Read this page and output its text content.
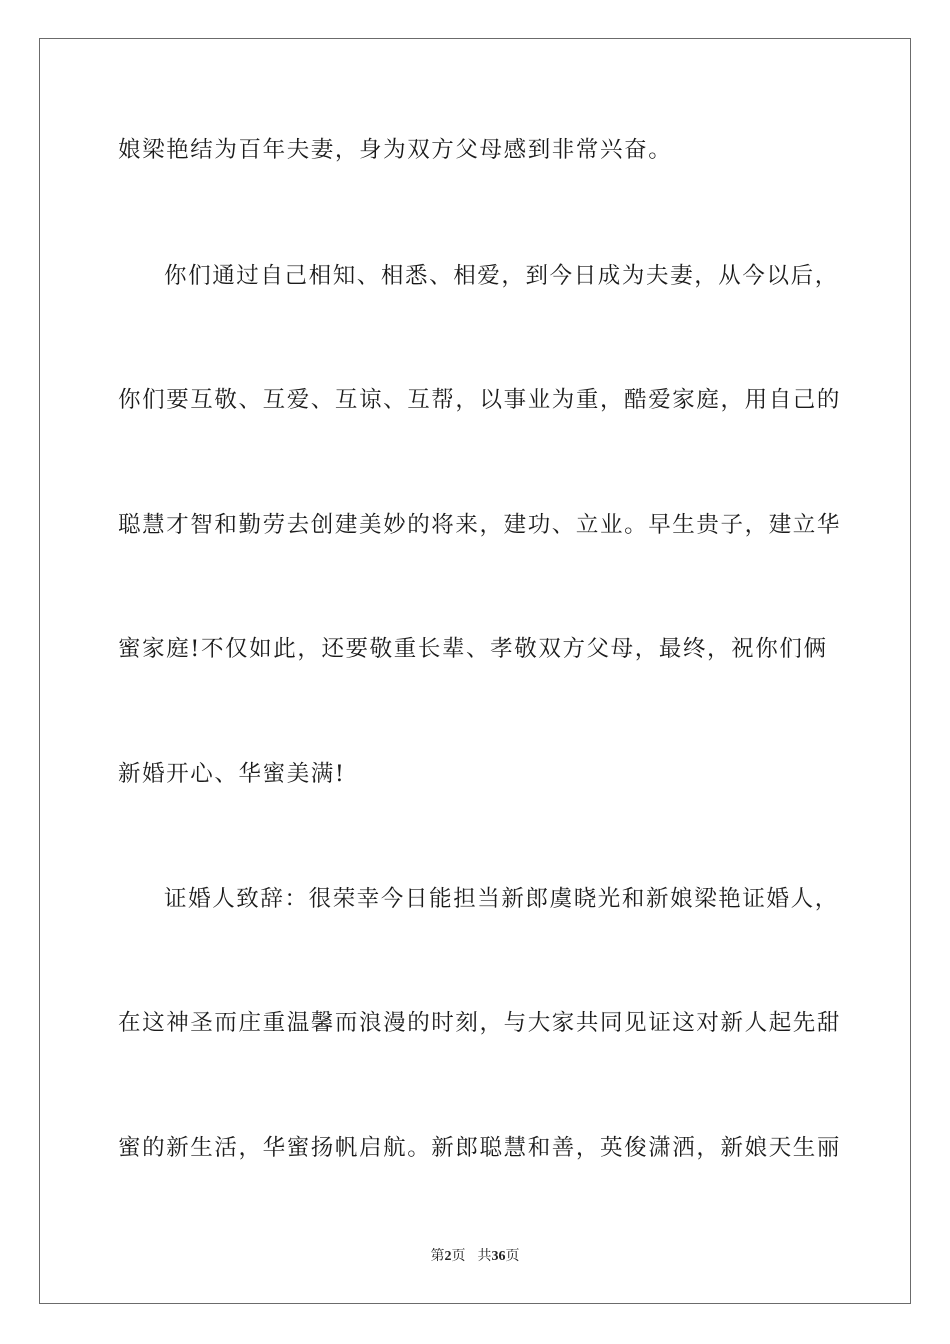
娘梁艳结为百年夫妻，身为双方父母感到非常兴奋。
你们通过自己相知、相悉、相爱，到今日成为夫妻，从今以后，
你们要互敬、互爱、互谅、互帮，以事业为重，酷爱家庭，用自己的
聪慧才智和勤劳去创建美妙的将来，建功、立业。早生贵子，建立华
蜜家庭!不仅如此，还要敬重长辈、孝敬双方父母，最终，祝你们俩
新婚开心、华蜜美满!
证婚人致辞：很荣幸今日能担当新郎虞晓光和新娘梁艳证婚人，
在这神圣而庄重温馨而浪漫的时刻，与大家共同见证这对新人起先甜
蜜的新生活，华蜜扬帆启航。新郎聪慧和善，英俊潇洒，新娘天生丽
第2页 共36页
